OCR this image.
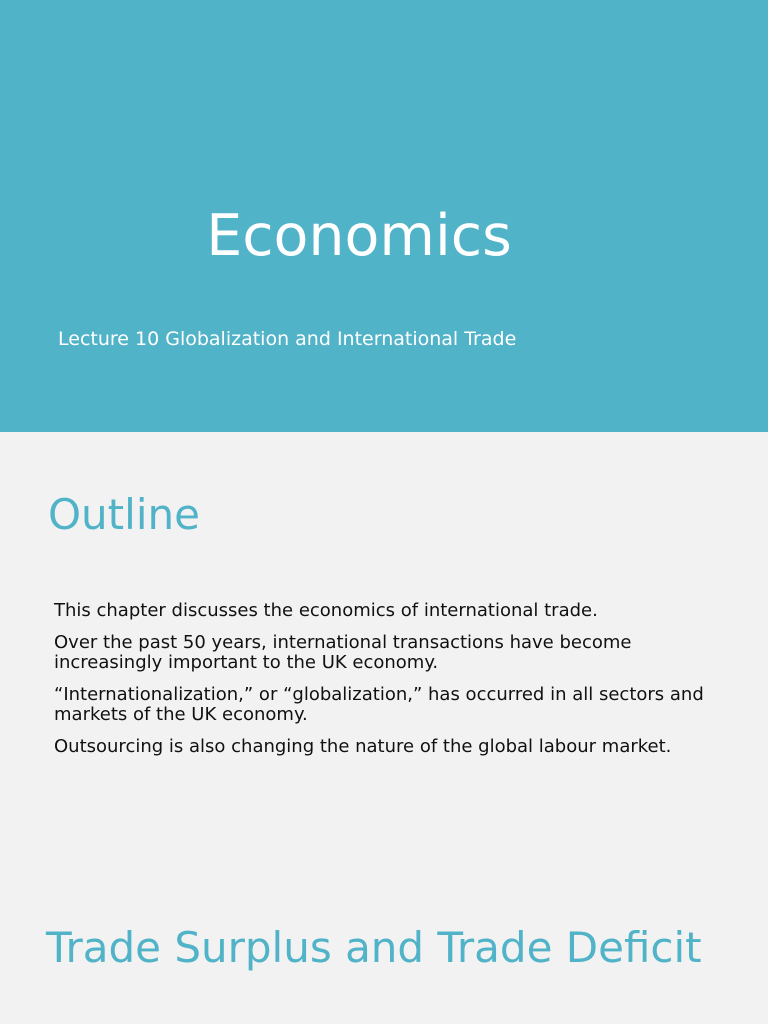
Economics

Lecture 10 Globalization and International Trade

Outline
This chapter discusses the economics of international trade.
Over the past 50 years, international transactions have become increasingly important to the UK economy.
“Internationalization,” or “globalization,” has occurred in all sectors and markets of the UK economy.
Outsourcing is also changing the nature of the global labour market.
Trade Surplus and Trade Deficit
